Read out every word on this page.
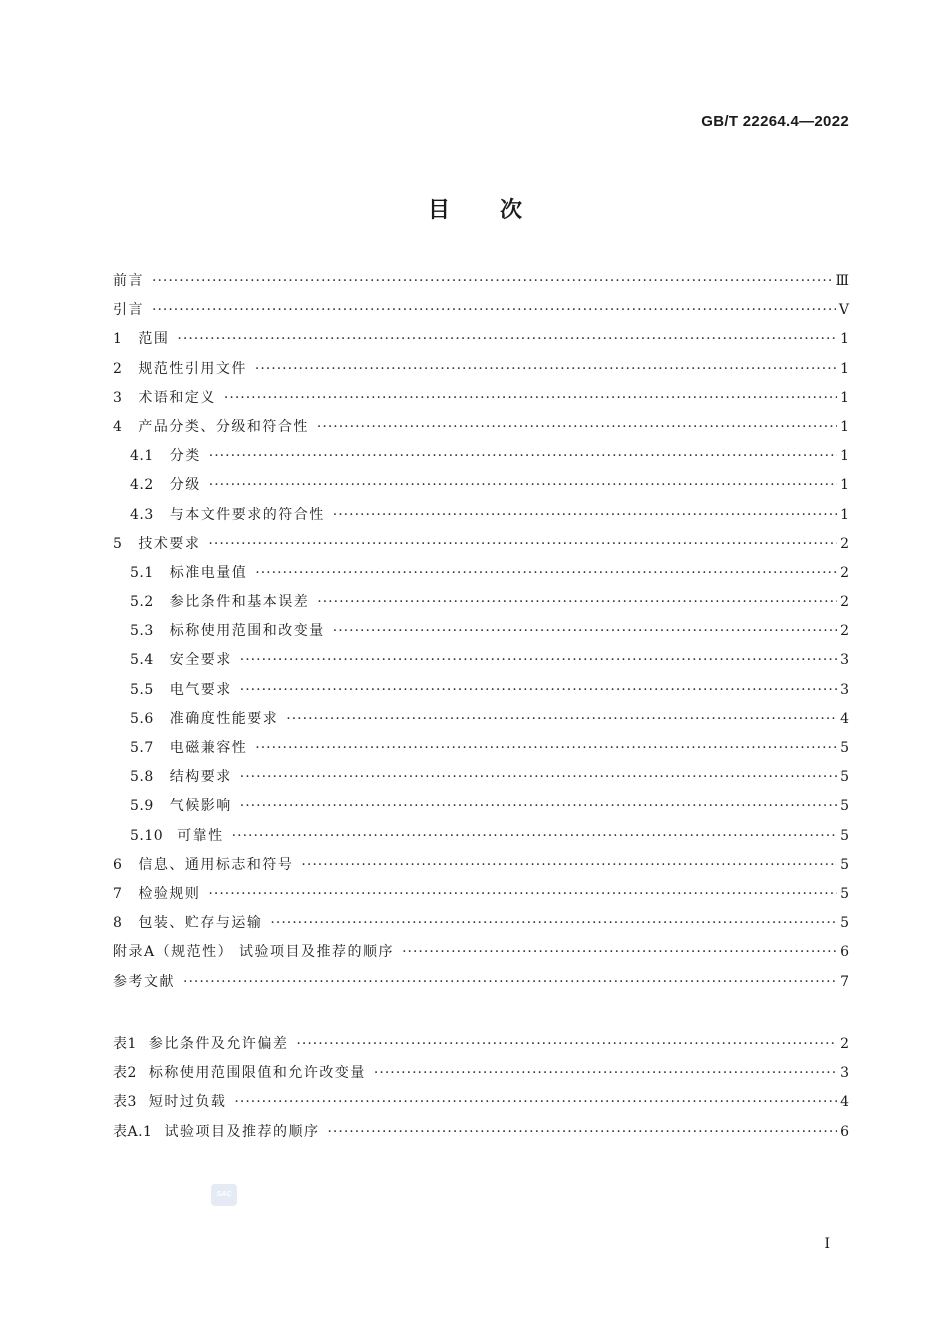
GB/T 22264.4—2022
目 次
前言 ·····	Ⅲ
引言 ·····	Ⅴ
1 范围 ·····	1
2 规范性引用文件 ·····	1
3 术语和定义 ·····	1
4 产品分类、分级和符合性 ·····	1
4.1 分类 ·····	1
4.2 分级 ·····	1
4.3 与本文件要求的符合性 ·····	1
5 技术要求 ·····	2
5.1 标准电量值 ·····	2
5.2 参比条件和基本误差 ·····	2
5.3 标称使用范围和改变量 ·····	2
5.4 安全要求 ·····	3
5.5 电气要求 ·····	3
5.6 准确度性能要求 ·····	4
5.7 电磁兼容性 ·····	5
5.8 结构要求 ·····	5
5.9 气候影响 ·····	5
5.10 可靠性 ·····	5
6 信息、通用标志和符号 ·····	5
7 检验规则 ·····	5
8 包装、贮存与运输 ·····	5
附录A（规范性） 试验项目及推荐的顺序 ·····	6
参考文献 ·····	7
表1 参比条件及允许偏差 ·····	2
表2 标称使用范围限值和允许改变量 ·····	3
表3 短时过负载 ·····	4
表A.1 试验项目及推荐的顺序 ·····	6
SAC
Ⅰ
